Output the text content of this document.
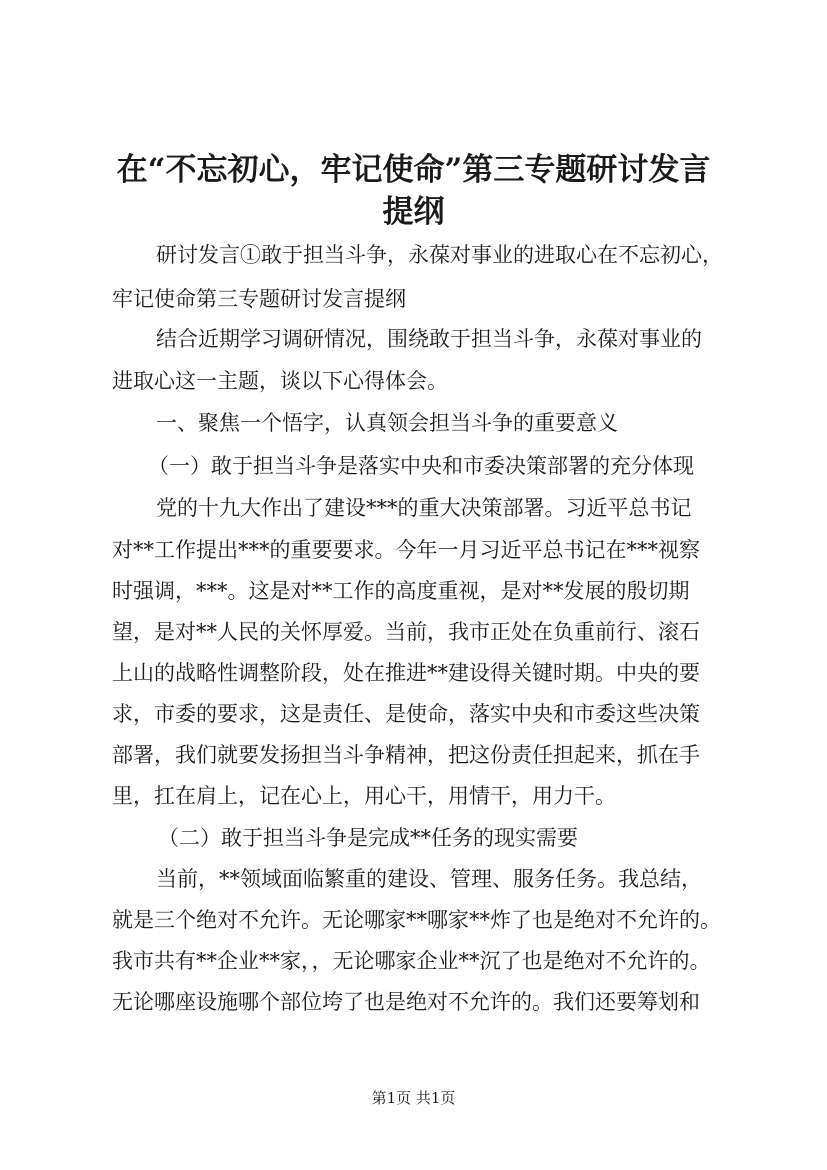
在“不忘初心，牢记使命”第三专题研讨发言
提纲

研讨发言①敢于担当斗争，永葆对事业的进取心在不忘初心，

牢记使命第三专题研讨发言提纲

结合近期学习调研情况，围绕敢于担当斗争，永葆对事业的

进取心这一主题，谈以下心得体会。

一、聚焦一个悟字，认真领会担当斗争的重要意义

（一）敢于担当斗争是落实中央和市委决策部署的充分体现

党的十九大作出了建设***的重大决策部署。习近平总书记

对**工作提出***的重要要求。今年一月习近平总书记在***视察

时强调，***。这是对**工作的高度重视，是对**发展的殷切期

望，是对**人民的关怀厚爱。当前，我市正处在负重前行、滚石

上山的战略性调整阶段，处在推进**建设得关键时期。中央的要

求，市委的要求，这是责任、是使命，落实中央和市委这些决策

部署，我们就要发扬担当斗争精神，把这份责任担起来，抓在手

里，扛在肩上，记在心上，用心干，用情干，用力干。

（二）敢于担当斗争是完成**任务的现实需要

当前，**领域面临繁重的建设、管理、服务任务。我总结，

就是三个绝对不允许。无论哪家**哪家**炸了也是绝对不允许的。

我市共有**企业**家，，无论哪家企业**沉了也是绝对不允许的。

无论哪座设施哪个部位垮了也是绝对不允许的。我们还要筹划和

第1页 共1页
